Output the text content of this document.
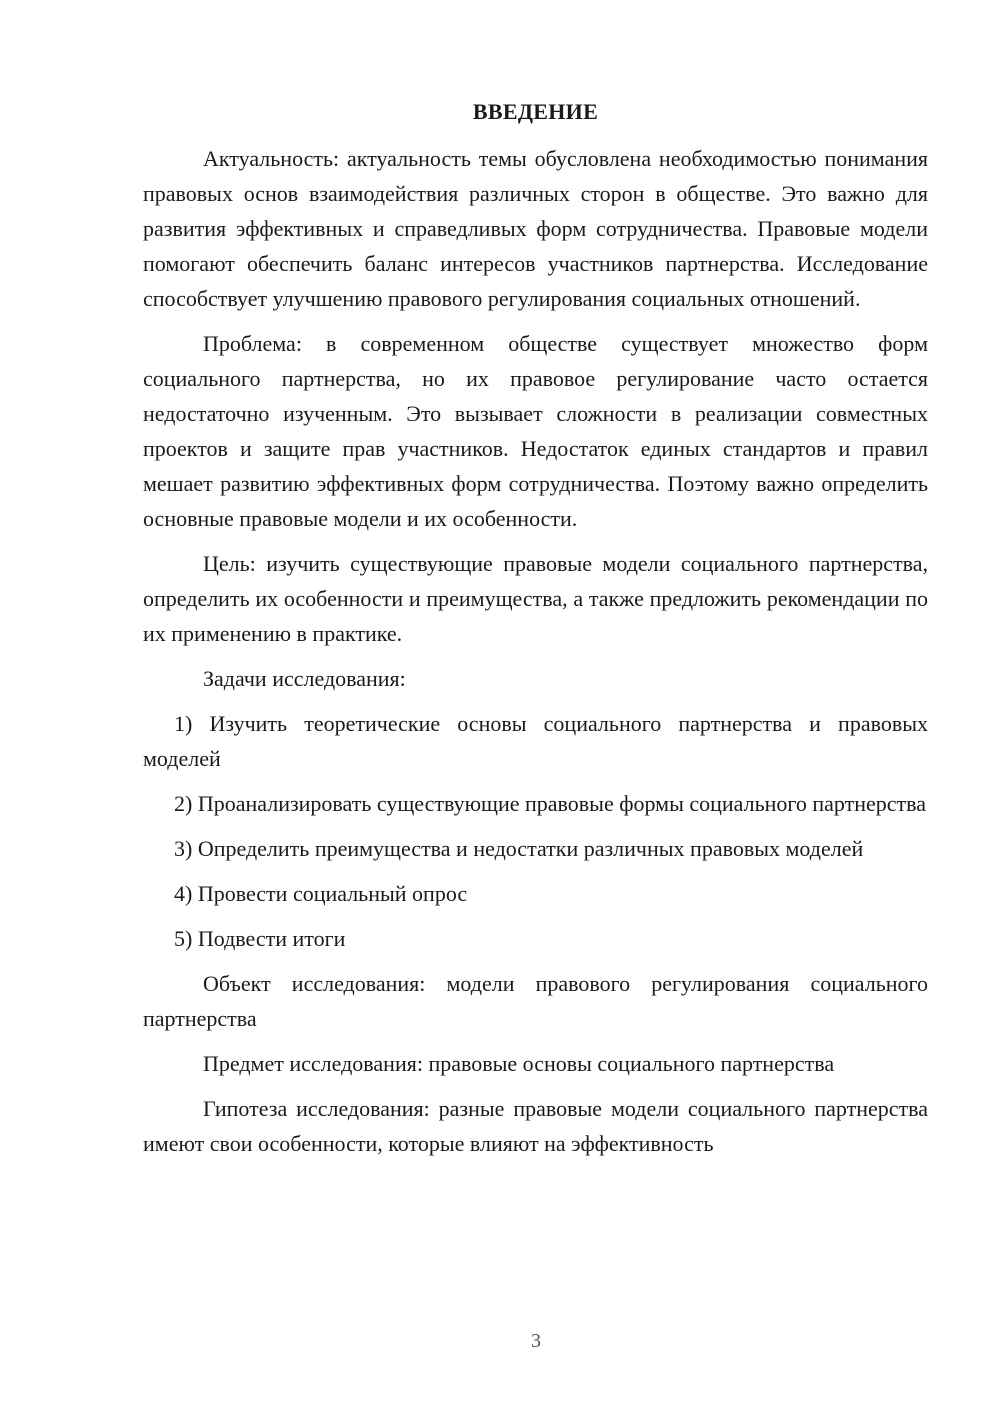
ВВЕДЕНИЕ

Актуальность: актуальность темы обусловлена необходимостью понимания правовых основ взаимодействия различных сторон в обществе. Это важно для развития эффективных и справедливых форм сотрудничества. Правовые модели помогают обеспечить баланс интересов участников партнерства. Исследование способствует улучшению правового регулирования социальных отношений.

Проблема: в современном обществе существует множество форм социального партнерства, но их правовое регулирование часто остается недостаточно изученным. Это вызывает сложности в реализации совместных проектов и защите прав участников. Недостаток единых стандартов и правил мешает развитию эффективных форм сотрудничества. Поэтому важно определить основные правовые модели и их особенности.

Цель: изучить существующие правовые модели социального партнерства, определить их особенности и преимущества, а также предложить рекомендации по их применению в практике.

Задачи исследования:

1) Изучить теоретические основы социального партнерства и правовых моделей

2) Проанализировать существующие правовые формы социального партнерства

3) Определить преимущества и недостатки различных правовых моделей

4) Провести социальный опрос

5) Подвести итоги

Объект исследования: модели правового регулирования социального партнерства

Предмет исследования: правовые основы социального партнерства

Гипотеза исследования: разные правовые модели социального партнерства имеют свои особенности, которые влияют на эффективность

3
